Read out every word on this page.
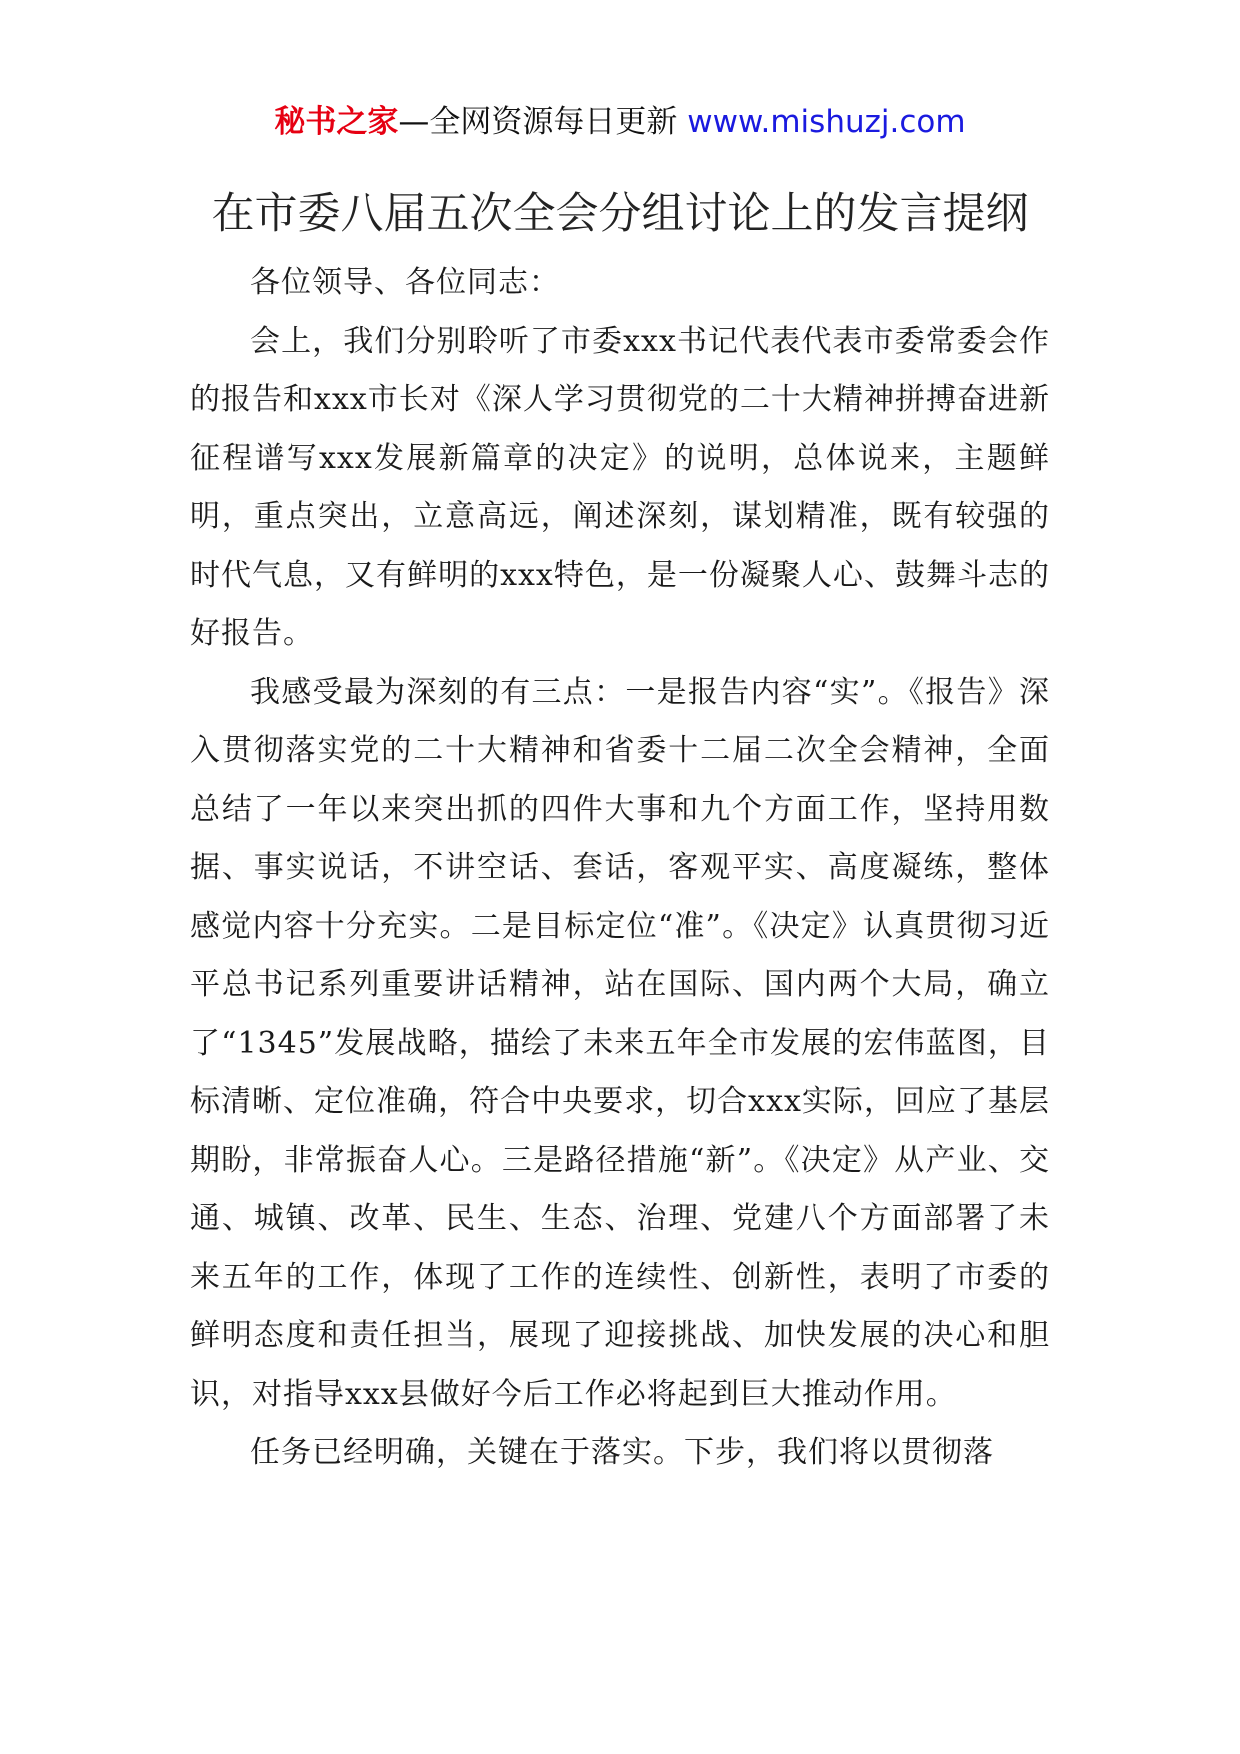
秘书之家—全网资源每日更新 www.mishuzj.com
在市委八届五次全会分组讨论上的发言提纲

各位领导、各位同志：

会上，我们分别聆听了市委xxx书记代表代表市委常委会作的报告和xxx市长对《深人学习贯彻党的二十大精神拼搏奋进新征程谱写xxx发展新篇章的决定》的说明，总体说来，主题鲜明，重点突出，立意高远，阐述深刻，谋划精准，既有较强的时代气息，又有鲜明的xxx特色，是一份凝聚人心、鼓舞斗志的好报告。

我感受最为深刻的有三点：一是报告内容“实”。《报告》深入贯彻落实党的二十大精神和省委十二届二次全会精神，全面总结了一年以来突出抓的四件大事和九个方面工作，坚持用数据、事实说话，不讲空话、套话，客观平实、高度凝练，整体感觉内容十分充实。二是目标定位“准”。《决定》认真贯彻习近平总书记系列重要讲话精神，站在国际、国内两个大局，确立了“1345”发展战略，描绘了未来五年全市发展的宏伟蓝图，目标清晰、定位准确，符合中央要求，切合xxx实际，回应了基层期盼，非常振奋人心。三是路径措施“新”。《决定》从产业、交通、城镇、改革、民生、生态、治理、党建八个方面部署了未来五年的工作，体现了工作的连续性、创新性，表明了市委的鲜明态度和责任担当，展现了迎接挑战、加快发展的决心和胆识，对指导xxx县做好今后工作必将起到巨大推动作用。

任务已经明确，关键在于落实。下步，我们将以贯彻落
